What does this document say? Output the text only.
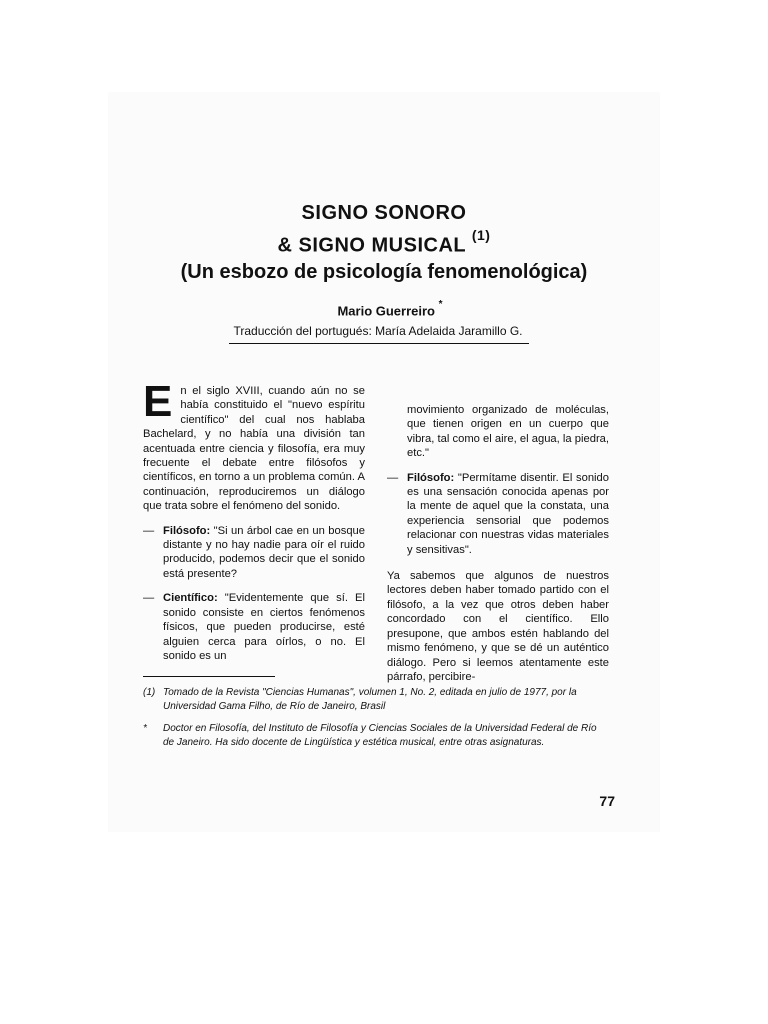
SIGNO SONORO
& SIGNO MUSICAL $^{(1)}$
(Un esbozo de psicología fenomenológica)
Mario Guerreiro *
Traducción del portugués: María Adelaida Jaramillo G.

E n el siglo XVIII, cuando aún no se había constituido el "nuevo espíritu científico" del cual nos hablaba Bachelard, y no había una división tan acentuada entre ciencia y filosofía, era muy frecuente el debate entre filósofos y científicos, en torno a un problema común. A continuación, reproduciremos un diálogo que trata sobre el fenómeno del sonido.

— Filósofo: "Si un árbol cae en un bosque distante y no hay nadie para oír el ruido producido, podemos decir que el sonido está presente?
— Científico: "Evidentemente que sí. El sonido consiste en ciertos fenómenos físicos, que pueden producirse, esté alguien cerca para oírlos, o no. El sonido es un
movimiento organizado de moléculas, que tienen origen en un cuerpo que vibra, tal como el aire, el agua, la piedra, etc."
— Filósofo: "Permítame disentir. El sonido es una sensación conocida apenas por la mente de aquel que la constata, una experiencia sensorial que podemos relacionar con nuestras vidas materiales y sensitivas".

Ya sabemos que algunos de nuestros lectores deben haber tomado partido con el filósofo, a la vez que otros deben haber concordado con el científico. Ello presupone, que ambos estén hablando del mismo fenómeno, y que se dé un auténtico diálogo. Pero si leemos atentamente este párrafo, percibire-

(1) Tomado de la Revista "Ciencias Humanas", volumen 1, No. 2, editada en julio de 1977, por la Universidad Gama Filho, de Río de Janeiro, Brasil
*	Doctor en Filosofía, del Instituto de Filosofía y Ciencias Sociales de la Universidad Federal de Río de Janeiro. Ha sido docente de Lingüística y estética musical, entre otras asignaturas.
77
